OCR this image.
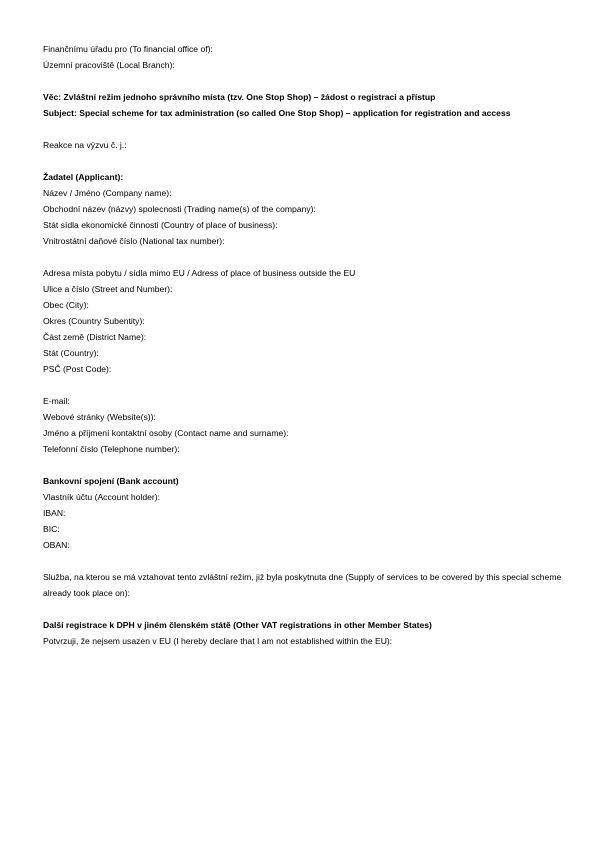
Finančnímu úřadu pro (To financial office of):
Územní pracoviště (Local Branch):
Věc: Zvláštní režim jednoho správního místa (tzv. One Stop Shop) – žádost o registraci a přístup
Subject: Special scheme for tax administration (so called One Stop Shop) – application for registration and access
Reakce na výzvu č. j.:
Žadatel (Applicant):
Název / Jméno (Company name):
Obchodní název (názvy) spolecnosti (Trading name(s) of the company):
Stát sídla ekonomické činnosti (Country of place of business):
Vnitrostátní daňové číslo (National tax number):
Adresa místa pobytu / sídla mimo EU / Adress of place of business outside the EU
Ulice a číslo (Street and Number):
Obec (City):
Okres (Country Subentity):
Část země (District Name):
Stát (Country):
PSČ (Post Code):
E-mail:
Webové stránky (Website(s)):
Jméno a příjmení kontaktní osoby (Contact name and surname):
Telefonní číslo (Telephone number):
Bankovní spojení (Bank account)
Vlastník účtu (Account holder):
IBAN:
BIC:
OBAN:
Služba, na kterou se má vztahovat tento zvláštní režim, již byla poskytnuta dne (Supply of services to be covered by this special scheme already took place on):
Další registrace k DPH v jiném členském státě (Other VAT registrations in other Member States)
Potvrzuji, že nejsem usazen v EU (I hereby declare that I am not established within the EU):
